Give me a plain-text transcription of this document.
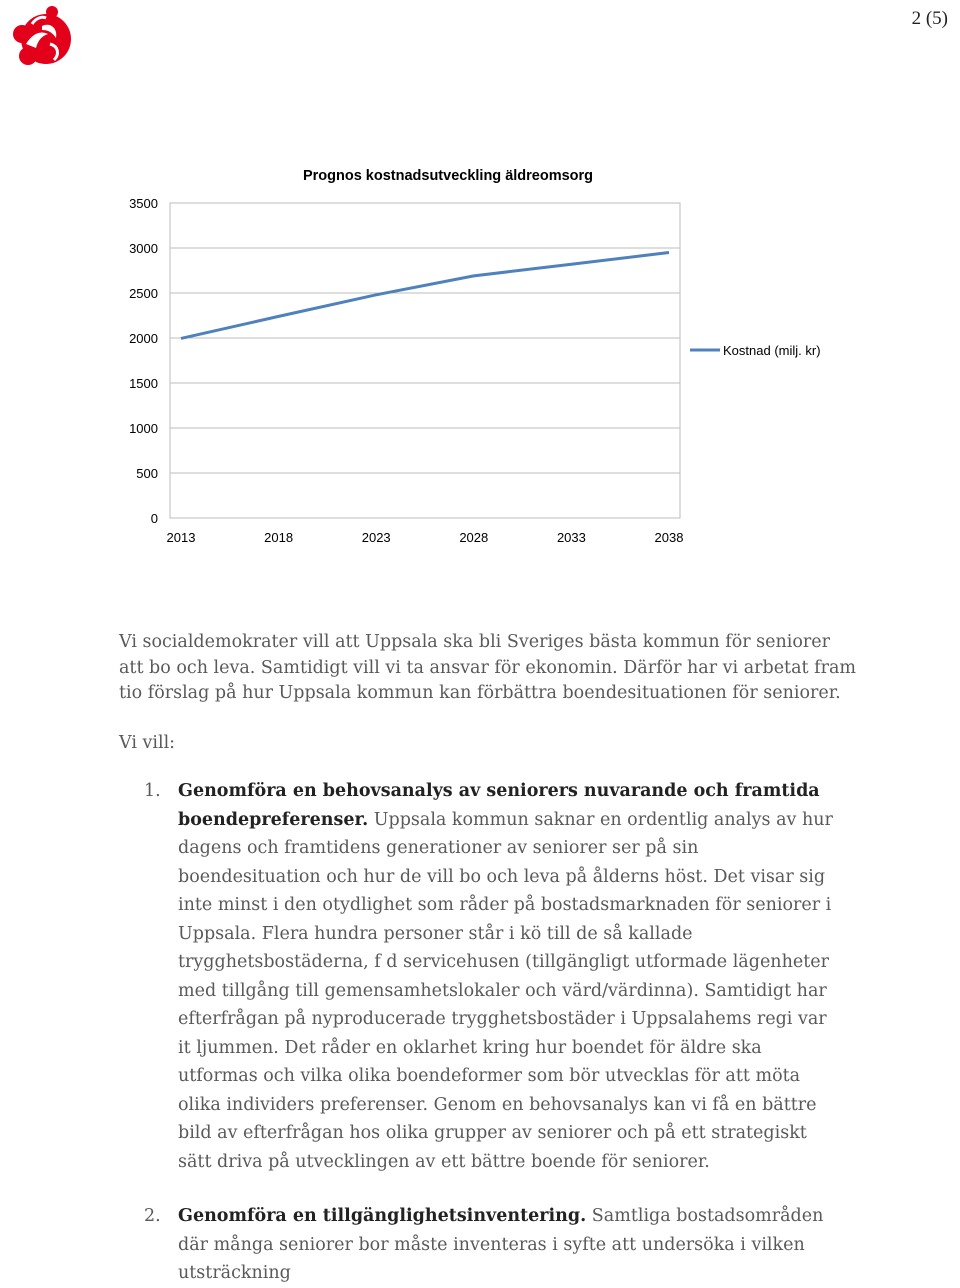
2 (5)
Prognos kostnadsutveckling äldreomsorg
0
500
1000
1500
2000
2500
3000
3500
2013	2018	2023	2028	2033	2038
Kostnad (milj. kr)
Vi socialdemokrater vill att Uppsala ska bli Sveriges bästa kommun för seniorer att bo och leva. Samtidigt vill vi ta ansvar för ekonomin. Därför har vi arbetat fram tio förslag på hur Uppsala kommun kan förbättra boendesituationen för seniorer.
Vi vill:
1. Genomföra en behovsanalys av seniorers nuvarande och framtida boendepreferenser. Uppsala kommun saknar en ordentlig analys av hur dagens och framtidens generationer av seniorer ser på sin boendesituation och hur de vill bo och leva på ålderns höst. Det visar sig inte minst i den otydlighet som råder på bostadsmarknaden för seniorer i Uppsala. Flera hundra personer står i kö till de så kallade trygghetsbostäderna, f d servicehusen (tillgängligt utformade lägenheter med tillgång till gemensamhetslokaler och värd/värdinna). Samtidigt har efterfrågan på nyproducerade trygghetsbostäder i Uppsalahems regi var it ljummen. Det råder en oklarhet kring hur boendet för äldre ska utformas och vilka olika boendeformer som bör utvecklas för att möta olika individers preferenser. Genom en behovsanalys kan vi få en bättre bild av efterfrågan hos olika grupper av seniorer och på ett strategiskt sätt driva på utvecklingen av ett bättre boende för seniorer.
2. Genomföra en tillgänglighetsinventering. Samtliga bostadsområden där många seniorer bor måste inventeras i syfte att undersöka i vilken utsträckning
